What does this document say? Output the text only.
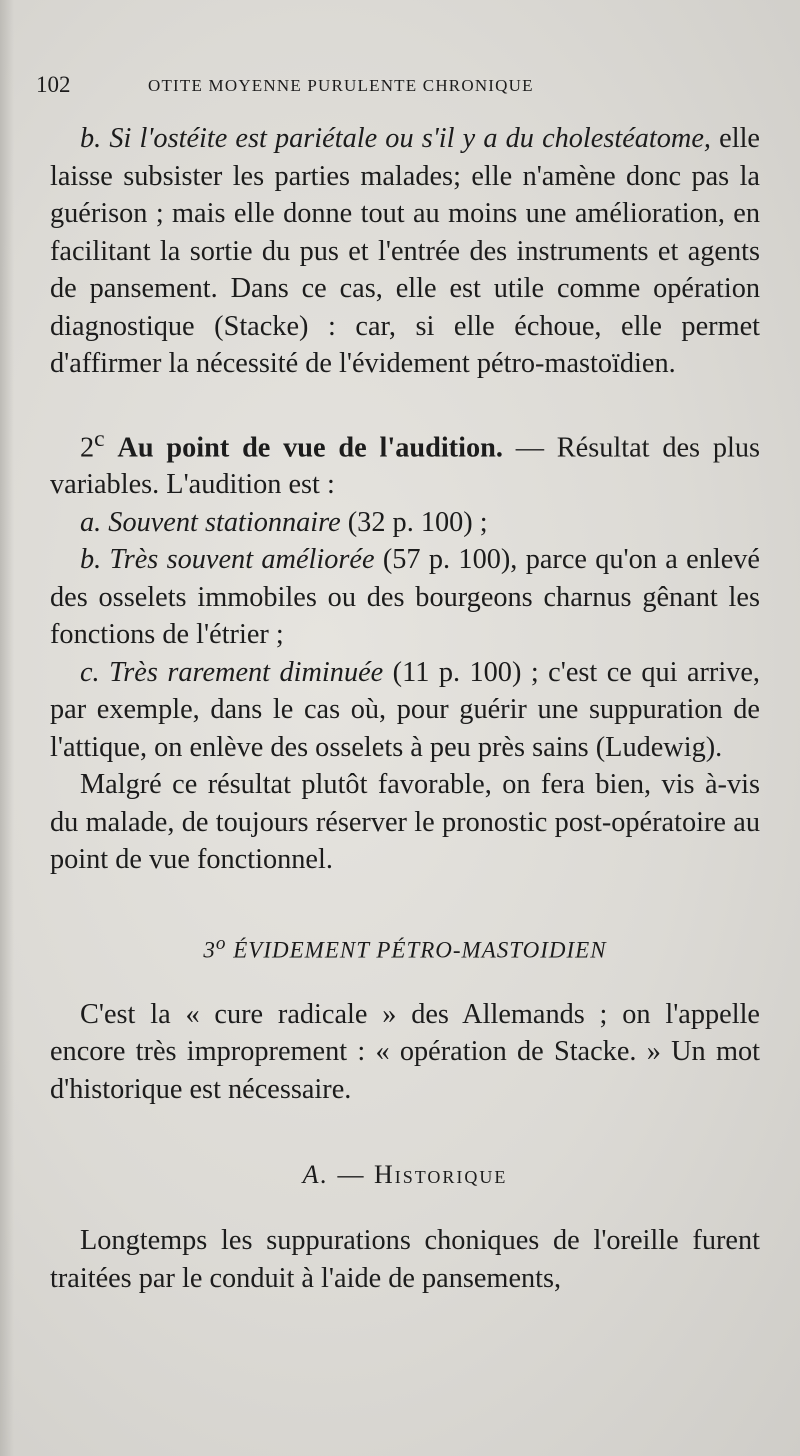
102	OTITE MOYENNE PURULENTE CHRONIQUE

b. Si l'ostéite est pariétale ou s'il y a du cholestéatome, elle laisse subsister les parties malades; elle n'amène donc pas la guérison ; mais elle donne tout au moins une amélioration, en facilitant la sortie du pus et l'entrée des instruments et agents de pansement. Dans ce cas, elle est utile comme opération diagnostique (Stacke) : car, si elle échoue, elle permet d'affirmer la nécessité de l'évidement pétro-mastoïdien.

2$^c$ Au point de vue de l'audition. — Résultat des plus variables. L'audition est :

a. Souvent stationnaire (32 p. 100) ;

b. Très souvent améliorée (57 p. 100), parce qu'on a enlevé des osselets immobiles ou des bourgeons charnus gênant les fonctions de l'étrier ;

c. Très rarement diminuée (11 p. 100) ; c'est ce qui arrive, par exemple, dans le cas où, pour guérir une suppuration de l'attique, on enlève des osselets à peu près sains (Ludewig).

Malgré ce résultat plutôt favorable, on fera bien, vis à-vis du malade, de toujours réserver le pronostic post-opératoire au point de vue fonctionnel.

3$^o$ ÉVIDEMENT PÉTRO-MASTOIDIEN

C'est la « cure radicale » des Allemands ; on l'appelle encore très improprement : « opération de Stacke. » Un mot d'historique est nécessaire.

A. — Historique

Longtemps les suppurations choniques de l'oreille furent traitées par le conduit à l'aide de pansements,
